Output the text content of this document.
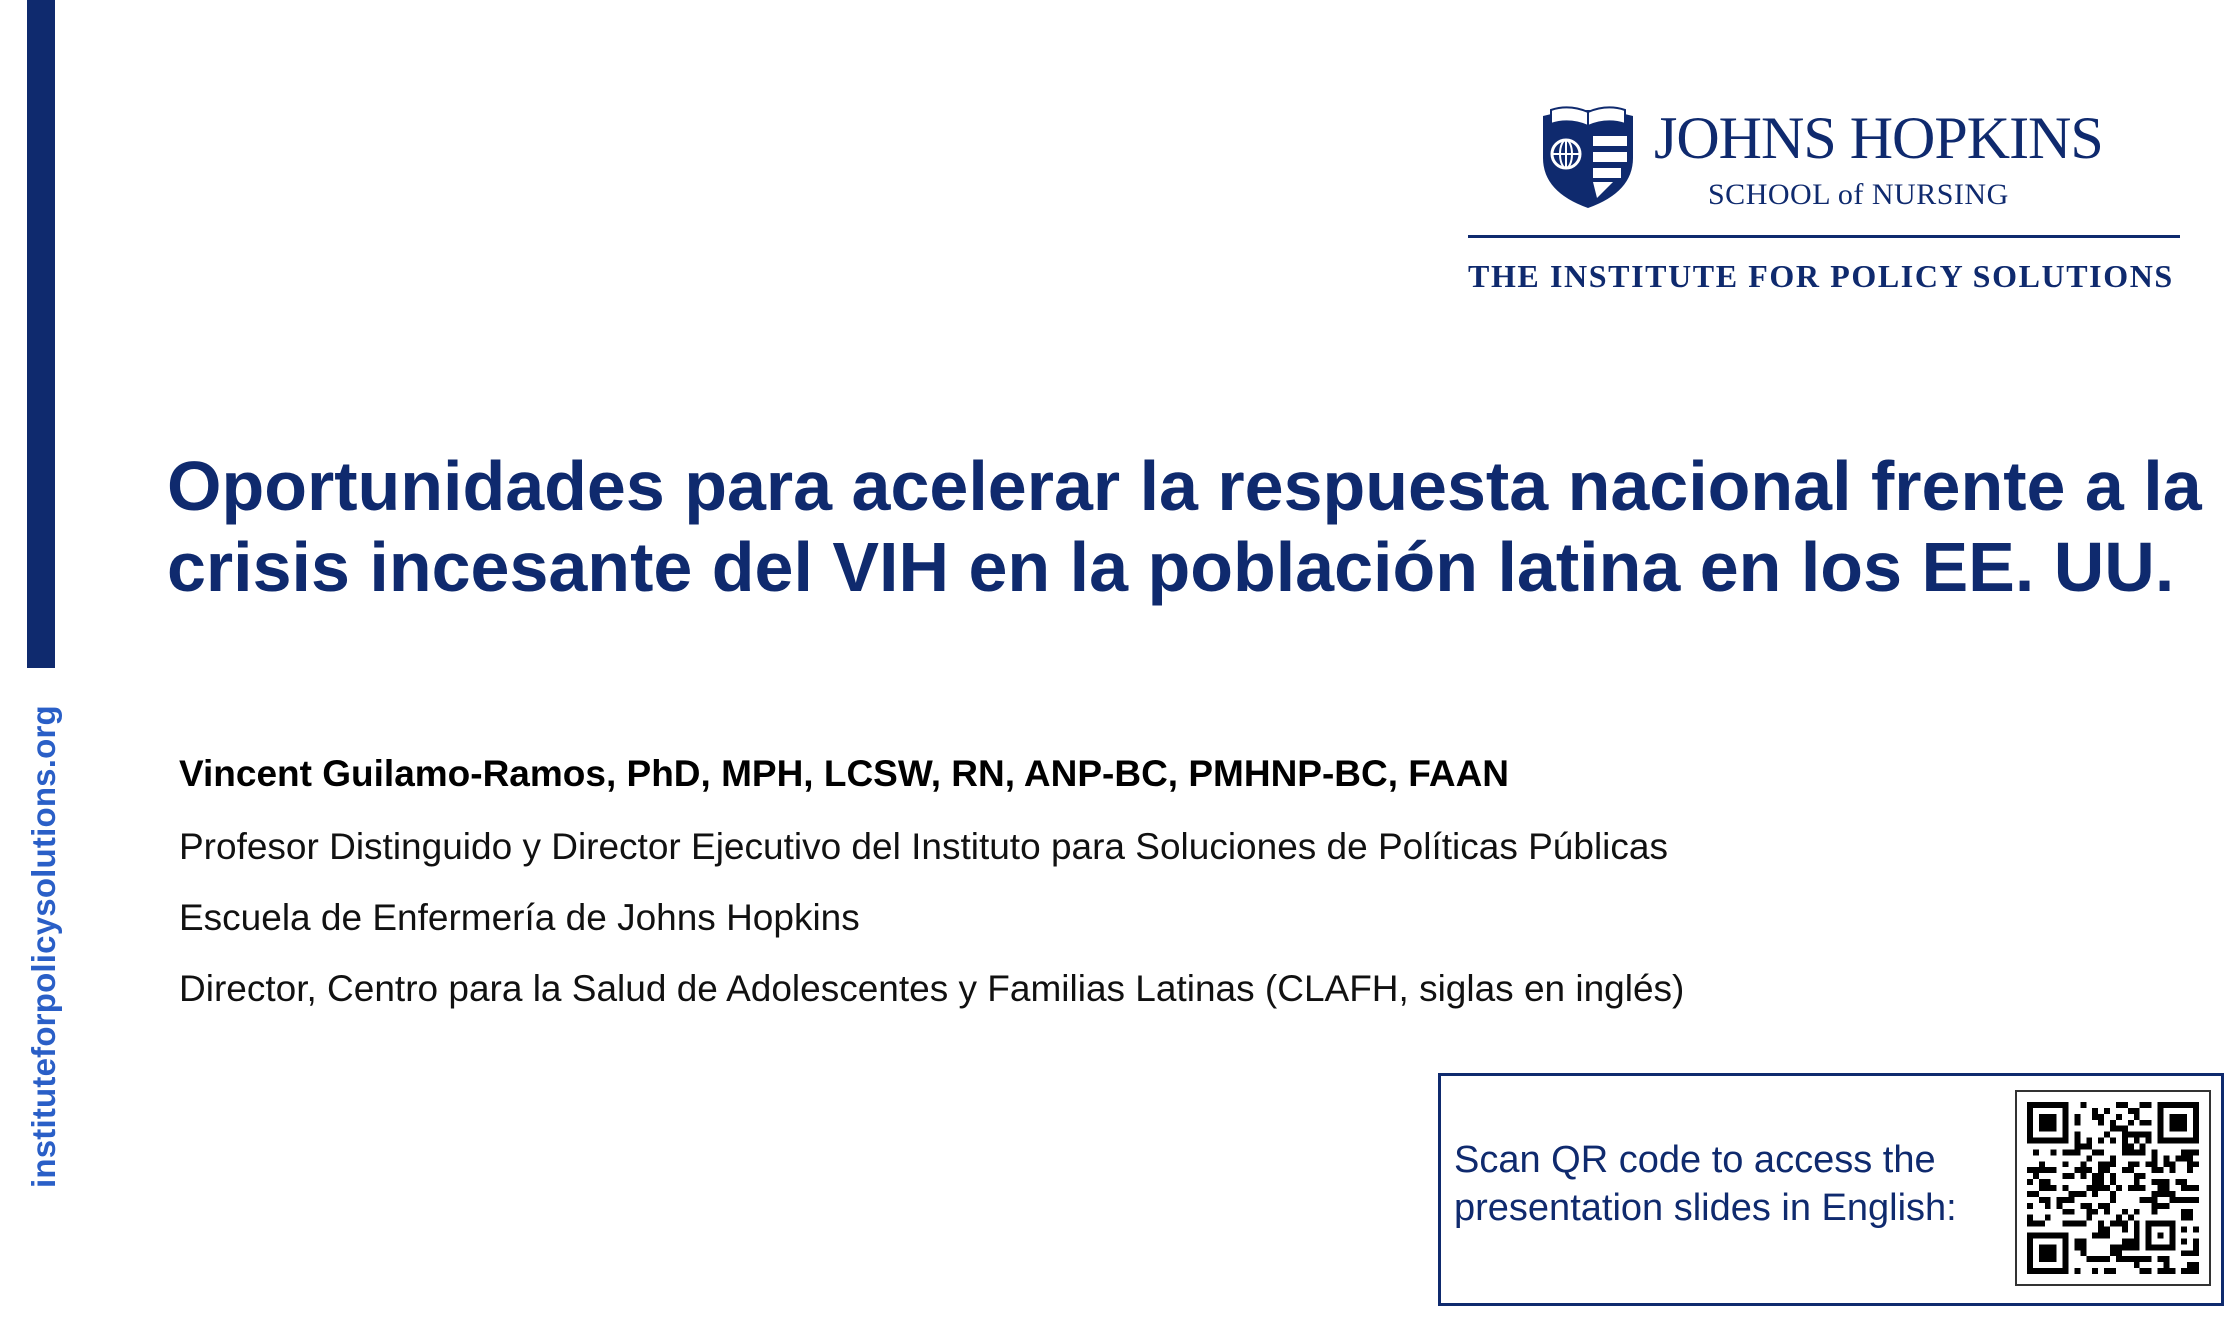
instituteforpolicysolutions.org
JOHNS HOPKINS
SCHOOL of NURSING
THE INSTITUTE FOR POLICY SOLUTIONS
Oportunidades para acelerar la respuesta nacional frente a la crisis incesante del VIH en la población latina en los EE. UU.
Vincent Guilamo-Ramos, PhD, MPH, LCSW, RN, ANP-BC, PMHNP-BC, FAAN
Profesor Distinguido y Director Ejecutivo del Instituto para Soluciones de Políticas Públicas
Escuela de Enfermería de Johns Hopkins
Director, Centro para la Salud de Adolescentes y Familias Latinas (CLAFH, siglas en inglés)
Scan QR code to access the presentation slides in English:
